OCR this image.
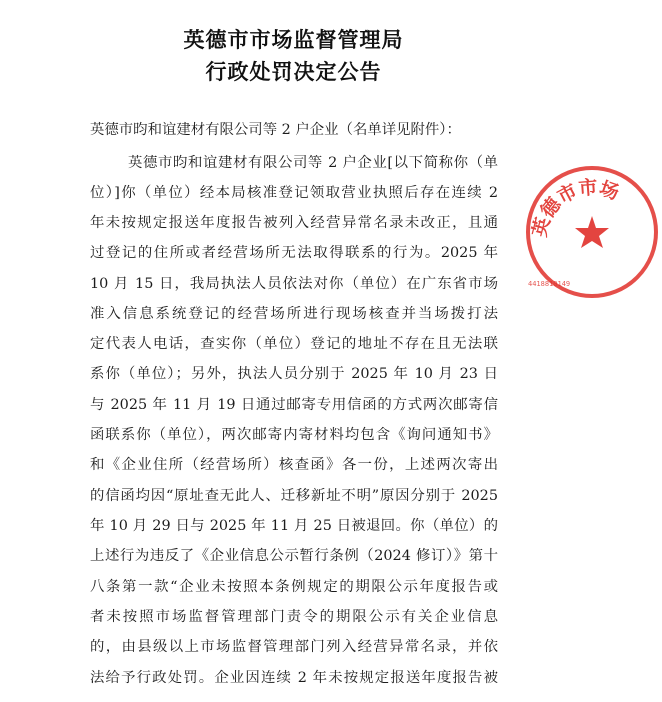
英德市市场监督管理局
行政处罚决定公告
英德市昀和谊建材有限公司等 2 户企业（名单详见附件）：
英德市昀和谊建材有限公司等 2 户企业[以下简称你（单
位）]你（单位）经本局核准登记领取营业执照后存在连续 2
年未按规定报送年度报告被列入经营异常名录未改正，且通
过登记的住所或者经营场所无法取得联系的行为。2025 年
10 月 15 日，我局执法人员依法对你（单位）在广东省市场
准入信息系统登记的经营场所进行现场核查并当场拨打法
定代表人电话，查实你（单位）登记的地址不存在且无法联
系你（单位）；另外，执法人员分别于 2025 年 10 月 23 日
与 2025 年 11 月 19 日通过邮寄专用信函的方式两次邮寄信
函联系你（单位），两次邮寄内寄材料均包含《询问通知书》
和《企业住所（经营场所）核查函》各一份，上述两次寄出
的信函均因“原址查无此人、迁移新址不明”原因分别于 2025
年 10 月 29 日与 2025 年 11 月 25 日被退回。你（单位）的
上述行为违反了《企业信息公示暂行条例（2024 修订）》第十
八条第一款“企业未按照本条例规定的期限公示年度报告或
者未按照市场监督管理部门责令的期限公示有关企业信息
的，由县级以上市场监督管理部门列入经营异常名录，并依
法给予行政处罚。企业因连续 2 年未按规定报送年度报告被
英德市市场
4418810149
